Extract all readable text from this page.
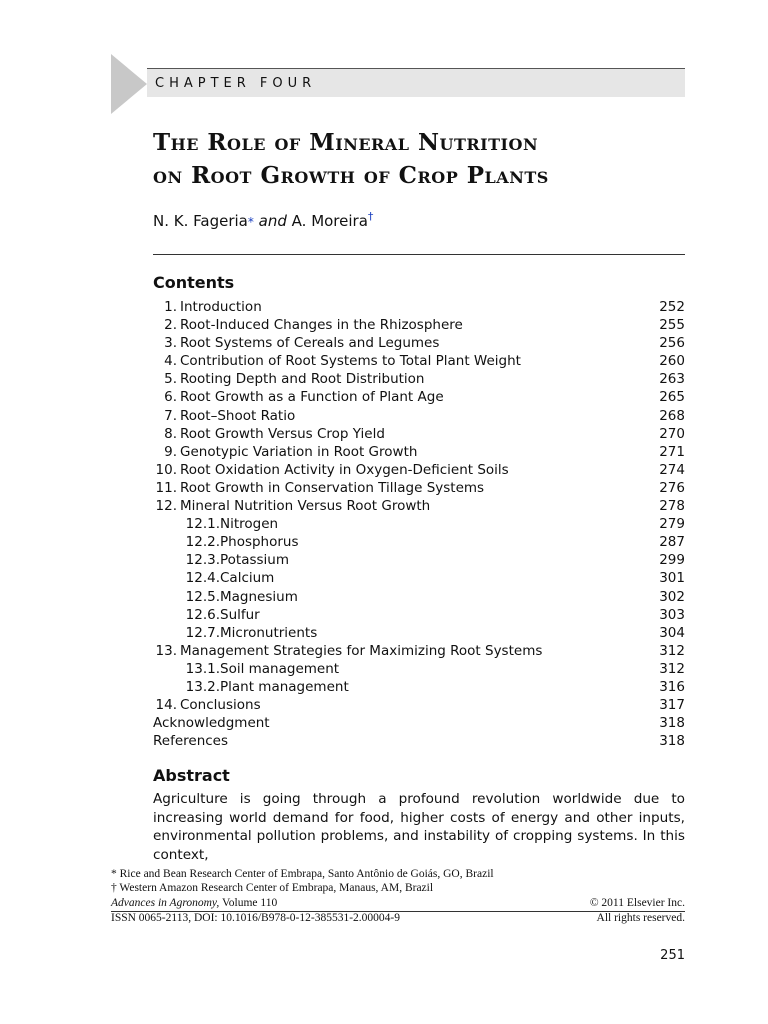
CHAPTER FOUR
The Role of Mineral Nutrition
on Root Growth of Crop Plants
N. K. Fageria* and A. Moreira†
Contents
1. Introduction	252
2. Root-Induced Changes in the Rhizosphere	255
3. Root Systems of Cereals and Legumes	256
4. Contribution of Root Systems to Total Plant Weight	260
5. Rooting Depth and Root Distribution	263
6. Root Growth as a Function of Plant Age	265
7. Root–Shoot Ratio	268
8. Root Growth Versus Crop Yield	270
9. Genotypic Variation in Root Growth	271
10. Root Oxidation Activity in Oxygen-Deficient Soils	274
11. Root Growth in Conservation Tillage Systems	276
12. Mineral Nutrition Versus Root Growth	278
12.1. Nitrogen	279
12.2. Phosphorus	287
12.3. Potassium	299
12.4. Calcium	301
12.5. Magnesium	302
12.6. Sulfur	303
12.7. Micronutrients	304
13. Management Strategies for Maximizing Root Systems	312
13.1. Soil management	312
13.2. Plant management	316
14. Conclusions	317
Acknowledgment	318
References	318
Abstract
Agriculture is going through a profound revolution worldwide due to increasing world demand for food, higher costs of energy and other inputs, environmental pollution problems, and instability of cropping systems. In this context,
* Rice and Bean Research Center of Embrapa, Santo Antônio de Goiás, GO, Brazil
† Western Amazon Research Center of Embrapa, Manaus, AM, Brazil
Advances in Agronomy, Volume 110	© 2011 Elsevier Inc.
ISSN 0065-2113, DOI: 10.1016/B978-0-12-385531-2.00004-9	All rights reserved.
251
